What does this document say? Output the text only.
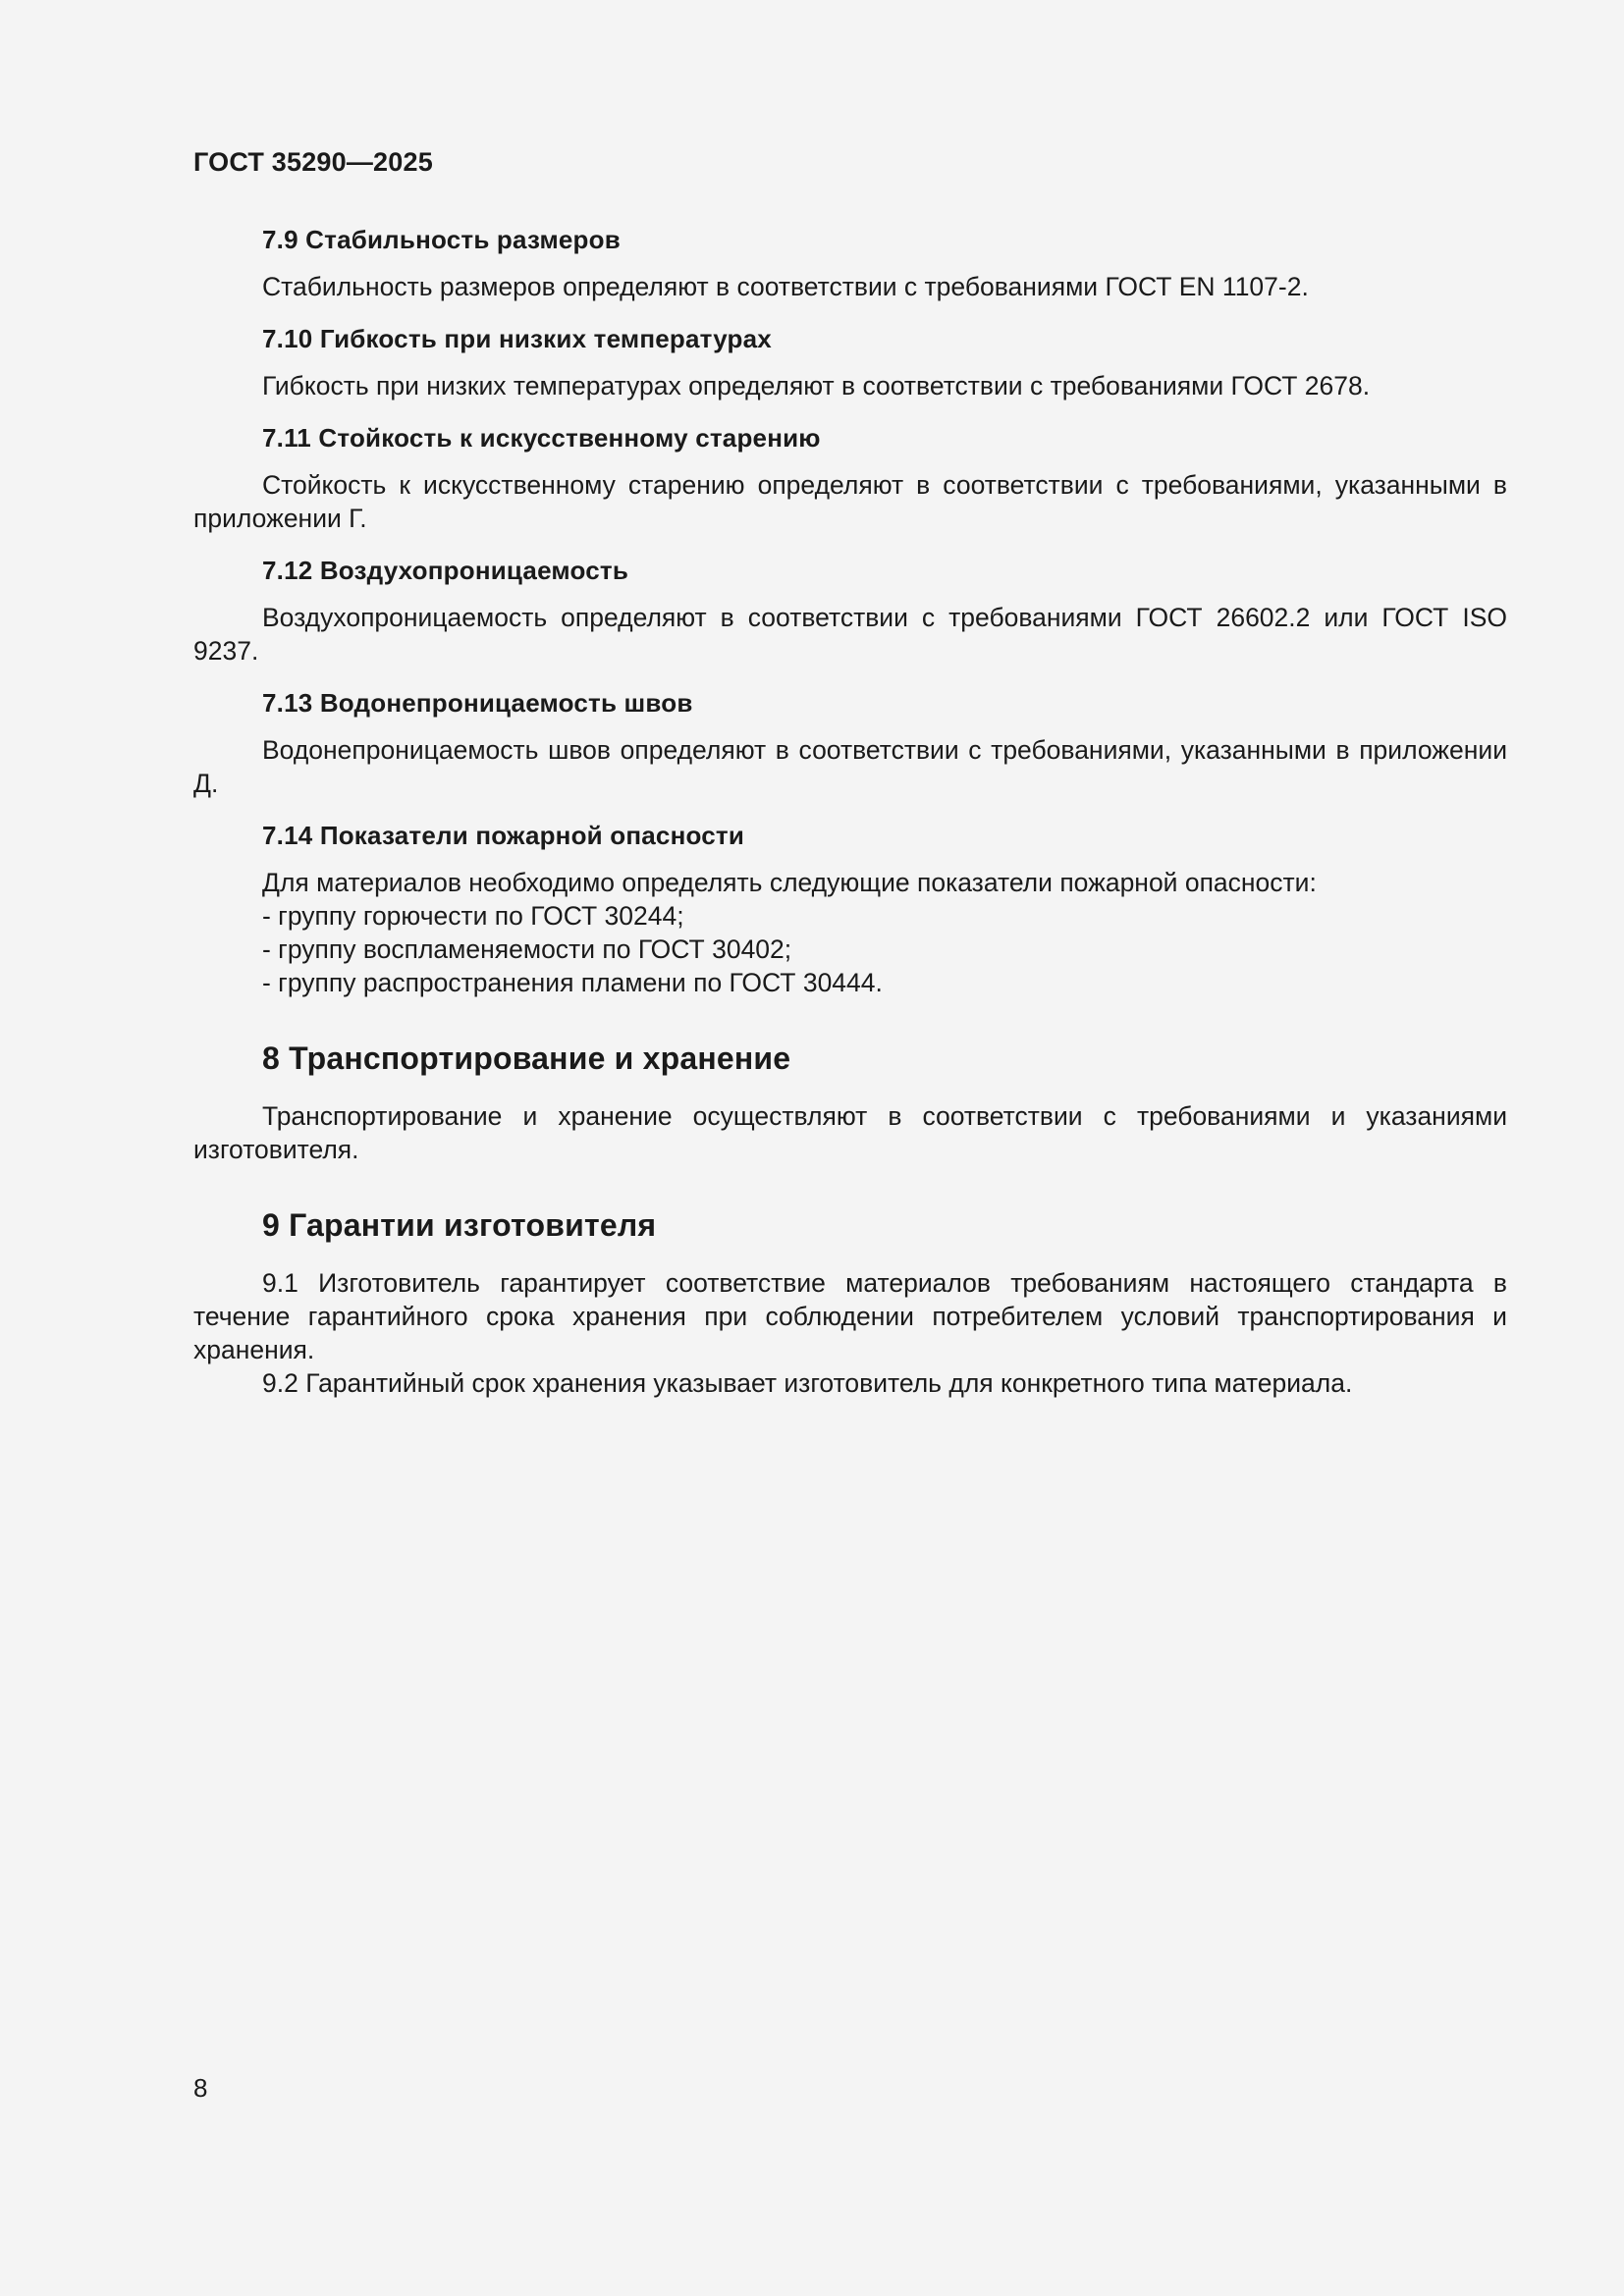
ГОСТ 35290—2025
7.9 Стабильность размеров

Стабильность размеров определяют в соответствии с требованиями ГОСТ EN 1107-2.

7.10 Гибкость при низких температурах

Гибкость при низких температурах определяют в соответствии с требованиями ГОСТ 2678.

7.11 Стойкость к искусственному старению

Стойкость к искусственному старению определяют в соответствии с требованиями, указанными в приложении Г.

7.12 Воздухопроницаемость

Воздухопроницаемость определяют в соответствии с требованиями ГОСТ 26602.2 или ГОСТ ISO 9237.

7.13 Водонепроницаемость швов

Водонепроницаемость швов определяют в соответствии с требованиями, указанными в приложении Д.

7.14 Показатели пожарной опасности

Для материалов необходимо определять следующие показатели пожарной опасности:

- группу горючести по ГОСТ 30244;
- группу воспламеняемости по ГОСТ 30402;
- группу распространения пламени по ГОСТ 30444.
8 Транспортирование и хранение

Транспортирование и хранение осуществляют в соответствии с требованиями и указаниями изготовителя.

9 Гарантии изготовителя

9.1 Изготовитель гарантирует соответствие материалов требованиям настоящего стандарта в течение гарантийного срока хранения при соблюдении потребителем условий транспортирования и хранения.

9.2 Гарантийный срок хранения указывает изготовитель для конкретного типа материала.

8
